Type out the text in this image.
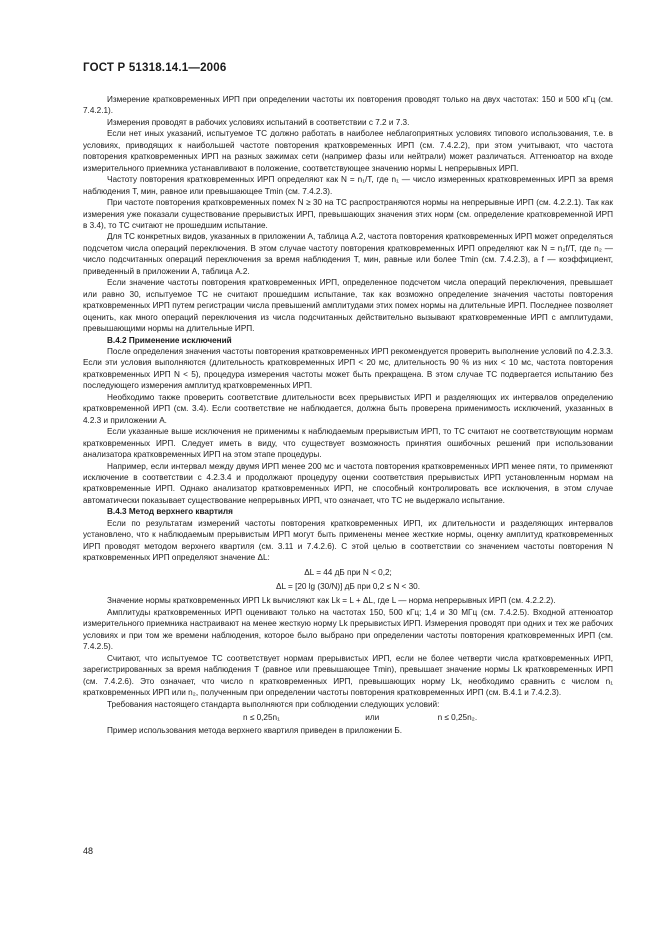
ГОСТ Р 51318.14.1—2006

Измерение кратковременных ИРП при определении частоты их повторения проводят только на двух частотах: 150 и 500 кГц (см. 7.4.2.1).

Измерения проводят в рабочих условиях испытаний в соответствии с 7.2 и 7.3.

Если нет иных указаний, испытуемое ТС должно работать в наиболее неблагоприятных условиях типового использования, т.е. в условиях, приводящих к наибольшей частоте повторения кратковременных ИРП (см. 7.4.2.2), при этом учитывают, что частота повторения кратковременных ИРП на разных зажимах сети (например фазы или нейтрали) может различаться. Аттенюатор на входе измерительного приемника устанавливают в положение, соответствующее значению нормы L непрерывных ИРП.

Частоту повторения кратковременных ИРП определяют как N = n₁/T, где n₁ — число измеренных кратковременных ИРП за время наблюдения T, мин, равное или превышающее Tmin (см. 7.4.2.3).

При частоте повторения кратковременных помех N ≥ 30 на ТС распространяются нормы на непрерывные ИРП (см. 4.2.2.1). Так как измерения уже показали существование прерывистых ИРП, превышающих значения этих норм (см. определение кратковременной ИРП в 3.4), то ТС считают не прошедшим испытание.

Для ТС конкретных видов, указанных в приложении А, таблица А.2, частота повторения кратковременных ИРП может определяться подсчетом числа операций переключения. В этом случае частоту повторения кратковременных ИРП определяют как N = n₂f/T, где n₂ — число подсчитанных операций переключения за время наблюдения T, мин, равные или более Tmin (см. 7.4.2.3), а f — коэффициент, приведенный в приложении А, таблица А.2.

Если значение частоты повторения кратковременных ИРП, определенное подсчетом числа операций переключения, превышает или равно 30, испытуемое ТС не считают прошедшим испытание, так как возможно определение значения частоты повторения кратковременных ИРП путем регистрации числа превышений амплитудами этих помех нормы на длительные ИРП. Последнее позволяет оценить, как много операций переключения из числа подсчитанных действительно вызывают кратковременные ИРП с амплитудами, превышающими нормы на длительные ИРП.

В.4.2 Применение исключений

После определения значения частоты повторения кратковременных ИРП рекомендуется проверить выполнение условий по 4.2.3.3. Если эти условия выполняются (длительность кратковременных ИРП < 20 мс, длительность 90 % из них < 10 мс, частота повторения кратковременных ИРП N < 5), процедура измерения частоты может быть прекращена. В этом случае ТС подвергается испытанию без последующего измерения амплитуд кратковременных ИРП.

Необходимо также проверить соответствие длительности всех прерывистых ИРП и разделяющих их интервалов определению кратковременной ИРП (см. 3.4). Если соответствие не наблюдается, должна быть проверена применимость исключений, указанных в 4.2.3 и приложении А.

Если указанные выше исключения не применимы к наблюдаемым прерывистым ИРП, то ТС считают не соответствующим нормам кратковременных ИРП. Следует иметь в виду, что существует возможность принятия ошибочных решений при использовании анализатора кратковременных ИРП на этом этапе процедуры.

Например, если интервал между двумя ИРП менее 200 мс и частота повторения кратковременных ИРП менее пяти, то применяют исключение в соответствии с 4.2.3.4 и продолжают процедуру оценки соответствия прерывистых ИРП установленным нормам на кратковременные ИРП. Однако анализатор кратковременных ИРП, не способный контролировать все исключения, в этом случае автоматически показывает существование непрерывных ИРП, что означает, что ТС не выдержало испытание.

В.4.3 Метод верхнего квартиля

Если по результатам измерений частоты повторения кратковременных ИРП, их длительности и разделяющих интервалов установлено, что к наблюдаемым прерывистым ИРП могут быть применены менее жесткие нормы, оценку амплитуд кратковременных ИРП проводят методом верхнего квартиля (см. 3.11 и 7.4.2.6). С этой целью в соответствии со значением частоты повторения N кратковременных ИРП определяют значение ΔL:

ΔL = 44 дБ при N < 0,2;

ΔL = [20 lg (30/N)] дБ при 0,2 ≤ N < 30.

Значение нормы кратковременных ИРП Lk вычисляют как Lk = L + ΔL, где L — норма непрерывных ИРП (см. 4.2.2.2).

Амплитуды кратковременных ИРП оценивают только на частотах 150, 500 кГц; 1,4 и 30 МГц (см. 7.4.2.5). Входной аттенюатор измерительного приемника настраивают на менее жесткую норму Lk прерывистых ИРП. Измерения проводят при одних и тех же рабочих условиях и при том же времени наблюдения, которое было выбрано при определении частоты повторения кратковременных ИРП (см. 7.4.2.5).

Считают, что испытуемое ТС соответствует нормам прерывистых ИРП, если не более четверти числа кратковременных ИРП, зарегистрированных за время наблюдения T (равное или превышающее Tmin), превышает значение нормы Lk кратковременных ИРП (см. 7.4.2.6). Это означает, что число n кратковременных ИРП, превышающих норму Lk, необходимо сравнить с числом n₁ кратковременных ИРП или n₂, полученным при определении частоты повторения кратковременных ИРП (см. В.4.1 и 7.4.2.3).

Требования настоящего стандарта выполняются при соблюдении следующих условий:

n ≤ 0,25n₁	или	n ≤ 0,25n₂.

Пример использования метода верхнего квартиля приведен в приложении Б.

48
